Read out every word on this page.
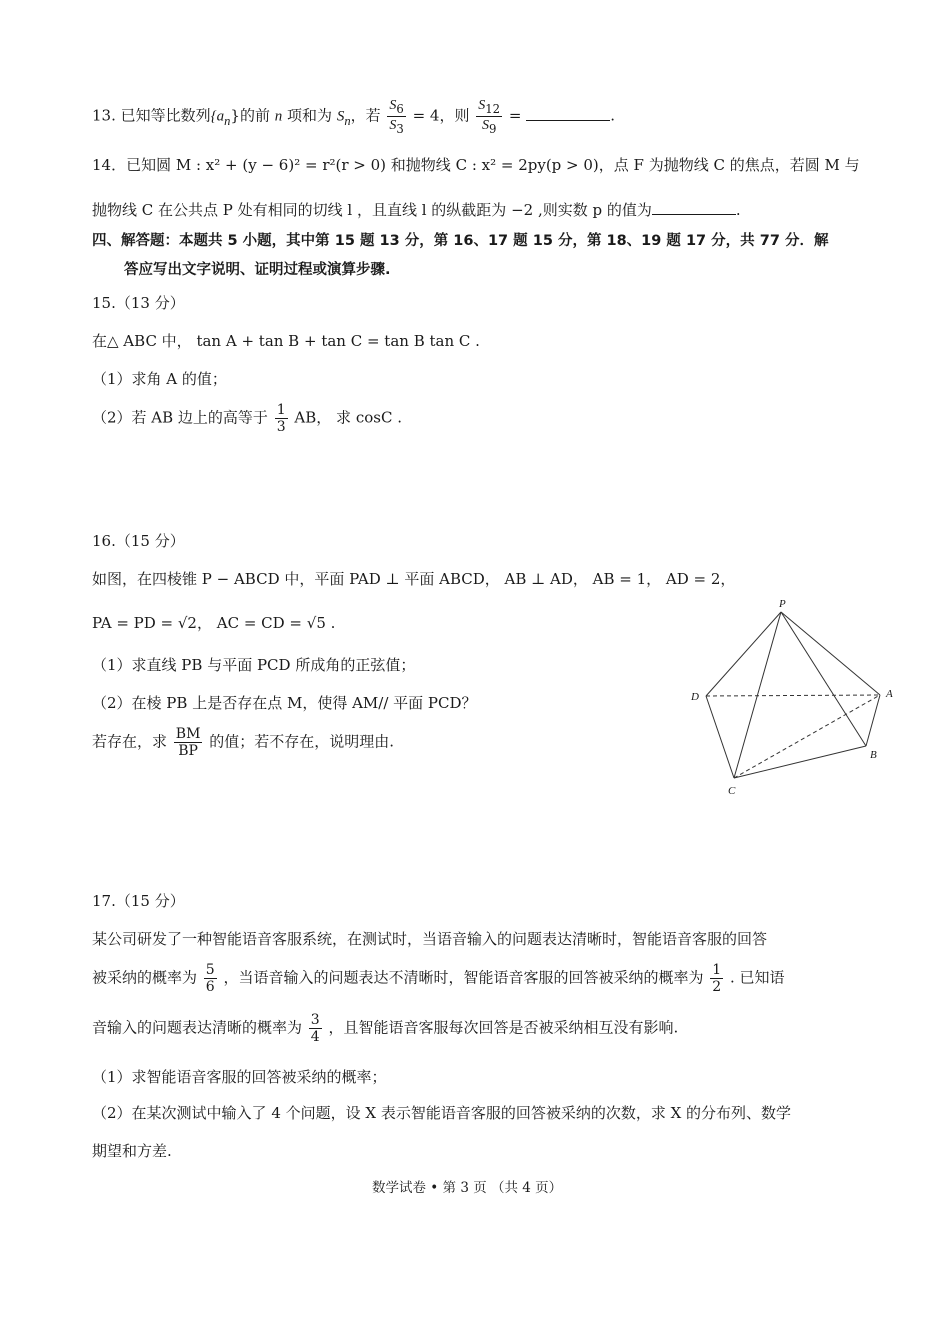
13. 已知等比数列$\{a_n\}$的前 n 项和为 $S_n$，若 $\frac{S_6}{S_3} = 4$，则 $\frac{S_{12}}{S_9}$ =	.
14．已知圆 M : x² + (y − 6)² = r²(r > 0) 和抛物线 C : x² = 2py(p > 0)，点 F 为抛物线 C 的焦点，若圆 M 与
抛物线 C 在公共点 P 处有相同的切线 l ，且直线 l 的纵截距为 −2 ,则实数 p 的值为	.
四、解答题：本题共 5 小题，其中第 15 题 13 分，第 16、17 题 15 分，第 18、19 题 17 分，共 77 分．解
答应写出文字说明、证明过程或演算步骤.
15.（13 分）
在△ ABC 中， tan A + tan B + tan C = tan B tan C .
（1）求角 A 的值；
（2）若 AB 边上的高等于 $\frac{1}{3}$ AB， 求 cosC .
16.（15 分）
如图，在四棱锥 P − ABCD 中，平面 PAD ⊥ 平面 ABCD， AB ⊥ AD， AB = 1， AD = 2，
PA = PD = √2， AC = CD = √5 .
（1）求直线 PB 与平面 PCD 所成角的正弦值；
（2）在棱 PB 上是否存在点 M，使得 AM// 平面 PCD？
若存在，求 $\frac{BM}{BP}$ 的值；若不存在，说明理由.
P
D	A
B
C
17.（15 分）
某公司研发了一种智能语音客服系统，在测试时，当语音输入的问题表达清晰时，智能语音客服的回答
被采纳的概率为 $\frac{5}{6}$ ，当语音输入的问题表达不清晰时，智能语音客服的回答被采纳的概率为 $\frac{1}{2}$ . 已知语
音输入的问题表达清晰的概率为 $\frac{3}{4}$ ，且智能语音客服每次回答是否被采纳相互没有影响.
（1）求智能语音客服的回答被采纳的概率；
（2）在某次测试中输入了 4 个问题，设 X 表示智能语音客服的回答被采纳的次数，求 X 的分布列、数学
期望和方差.
数学试卷 • 第 3 页 （共 4 页）
